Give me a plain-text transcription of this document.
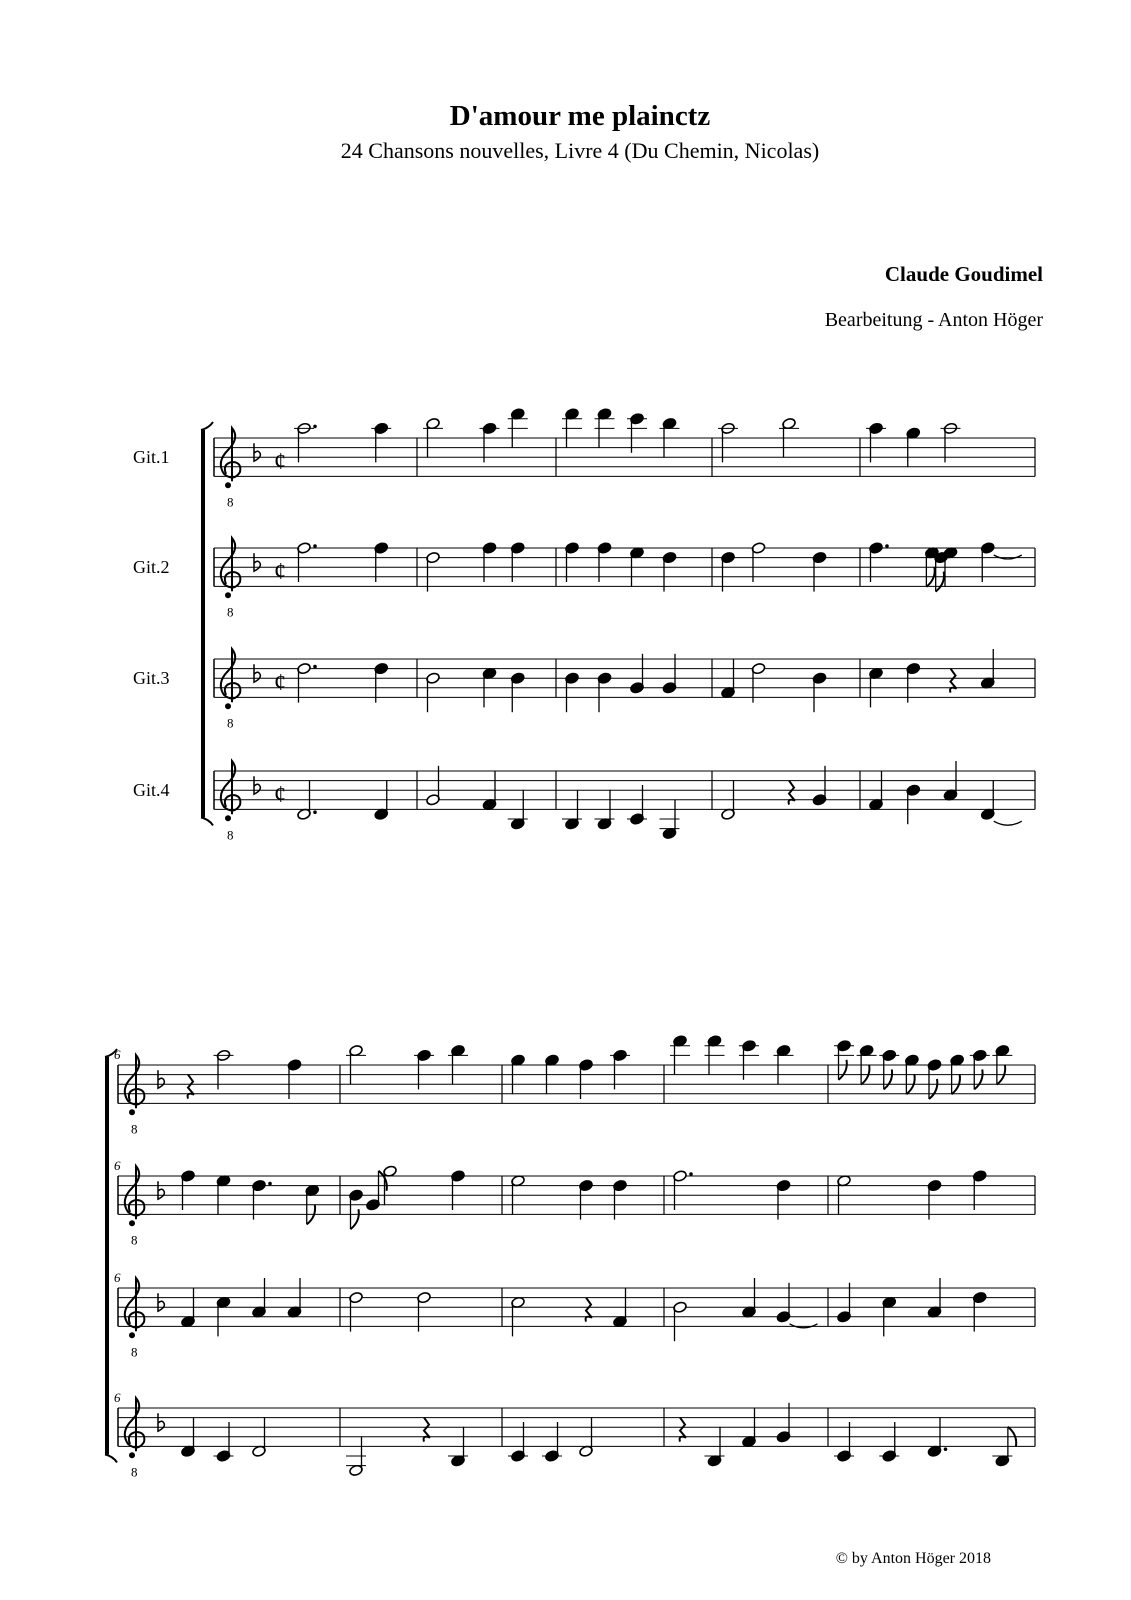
D'amour me plainctz
24 Chansons nouvelles, Livre 4 (Du Chemin, Nicolas)
Claude Goudimel
Bearbeitung - Anton Höger
Git.1
8
¢
Git.2
8
¢
Git.3
8
¢
Git.4
8
¢
6
8
6
8
6
8
6
8
© by Anton Höger 2018
